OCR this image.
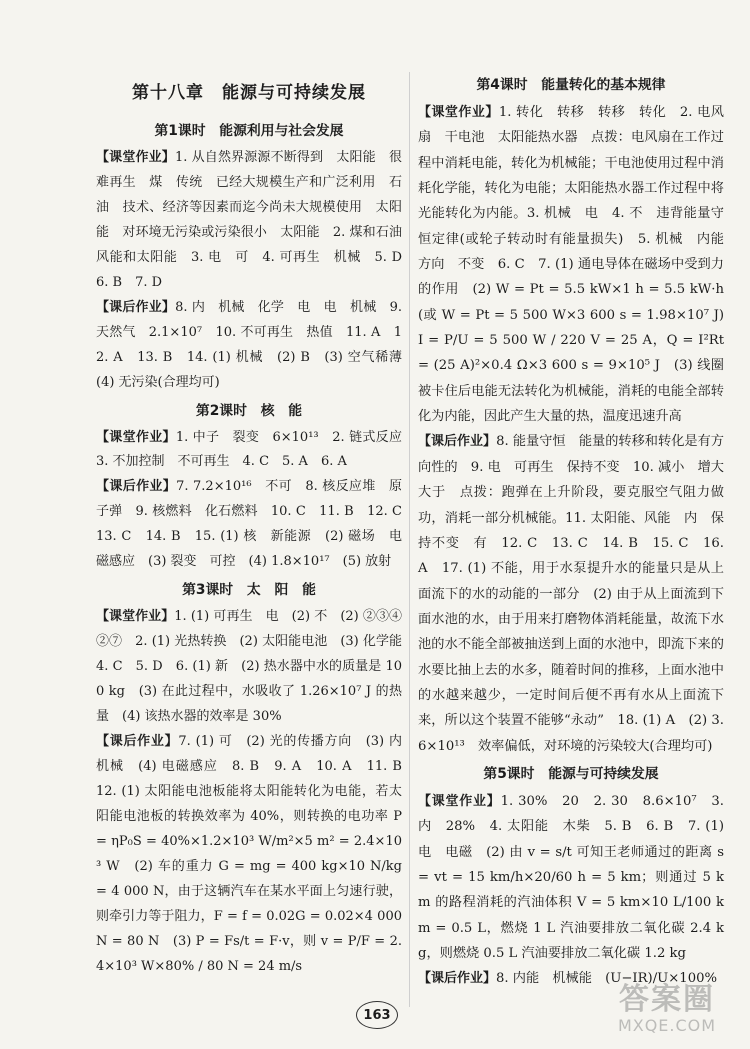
第十八章　能源与可持续发展
第1课时　能源利用与社会发展

【课堂作业】1. 从自然界源源不断得到　太阳能　很难再生　煤　传统　已经大规模生产和广泛利用　石油　技术、经济等因素而迄今尚未大规模使用　太阳能　对环境无污染或污染很小　太阳能　2. 煤和石油　风能和太阳能　3. 电　可　4. 可再生　机械　5. D　6. B　7. D

【课后作业】8. 内　机械　化学　电　电　机械　9. 天然气　2.1×10⁷　10. 不可再生　热值　11. A　12. A　13. B　14. (1) 机械　(2) B　(3) 空气稀薄　(4) 无污染(合理均可)

第2课时　核　能

【课堂作业】1. 中子　裂变　6×10¹³　2. 链式反应　3. 不加控制　不可再生　4. C　5. A　6. A

【课后作业】7. 7.2×10¹⁶　不可　8. 核反应堆　原子弹　9. 核燃料　化石燃料　10. C　11. B　12. C　13. C　14. B　15. (1) 核　新能源　(2) 磁场　电磁感应　(3) 裂变　可控　(4) 1.8×10¹⁷　(5) 放射

第3课时　太　阳　能

【课堂作业】1. (1) 可再生　电　(2) 不　(2) ②③④　②⑦　2. (1) 光热转换　(2) 太阳能电池　(3) 化学能　4. C　5. D　6. (1) 新　(2) 热水器中水的质量是 100 kg　(3) 在此过程中，水吸收了 1.26×10⁷ J 的热量　(4) 该热水器的效率是 30%

【课后作业】7. (1) 可　(2) 光的传播方向　(3) 内　机械　(4) 电磁感应　8. B　9. A　10. A　11. B　12. (1) 太阳能电池板能将太阳能转化为电能，若太阳能电池板的转换效率为 40%，则转换的电功率 P = ηP₀S = 40%×1.2×10³ W/m²×5 m² = 2.4×10³ W　(2) 车的重力 G = mg = 400 kg×10 N/kg = 4 000 N，由于这辆汽车在某水平面上匀速行驶，则牵引力等于阻力，F = f = 0.02G = 0.02×4 000 N = 80 N　(3) P = Fs/t = F·v，则 v = P/F = 2.4×10³ W×80% / 80 N = 24 m/s

第4课时　能量转化的基本规律

【课堂作业】1. 转化　转移　转移　转化　2. 电风扇　干电池　太阳能热水器　点拨：电风扇在工作过程中消耗电能，转化为机械能；干电池使用过程中消耗化学能，转化为电能；太阳能热水器工作过程中将光能转化为内能。3. 机械　电　4. 不　违背能量守恒定律(或轮子转动时有能量损失)　5. 机械　内能　方向　不变　6. C　7. (1) 通电导体在磁场中受到力的作用　(2) W = Pt = 5.5 kW×1 h = 5.5 kW·h(或 W = Pt = 5 500 W×3 600 s = 1.98×10⁷ J)　I = P/U = 5 500 W / 220 V = 25 A，Q = I²Rt = (25 A)²×0.4 Ω×3 600 s = 9×10⁵ J　(3) 线圈被卡住后电能无法转化为机械能，消耗的电能全部转化为内能，因此产生大量的热，温度迅速升高

【课后作业】8. 能量守恒　能量的转移和转化是有方向性的　9. 电　可再生　保持不变　10. 减小　增大　大于　点拨：跑弹在上升阶段，要克服空气阻力做功，消耗一部分机械能。11. 太阳能、风能　内　保持不变　有　12. C　13. C　14. B　15. C　16. A　17. (1) 不能，用于水泵提升水的能量只是从上面流下的水的动能的一部分　(2) 由于从上面流到下面水池的水，由于用来打磨物体消耗能量，故流下水池的水不能全部被抽送到上面的水池中，即流下来的水要比抽上去的水多，随着时间的推移，上面水池中的水越来越少，一定时间后便不再有水从上面流下来，所以这个装置不能够“永动”　18. (1) A　(2) 3.6×10¹³　效率偏低，对环境的污染较大(合理均可)

第5课时　能源与可持续发展

【课堂作业】1. 30%　20　2. 30　8.6×10⁷　3. 内　28%　4. 太阳能　木柴　5. B　6. B　7. (1) 电　电磁　(2) 由 v = s/t 可知王老师通过的距离 s = vt = 15 km/h×20/60 h = 5 km；则通过 5 km 的路程消耗的汽油体积 V = 5 km×10 L/100 km = 0.5 L，燃烧 1 L 汽油要排放二氧化碳 2.4 kg，则燃烧 0.5 L 汽油要排放二氧化碳 1.2 kg

【课后作业】8. 内能　机械能　(U−IR)/U×100%

163	答案圈
MXQE.COM
